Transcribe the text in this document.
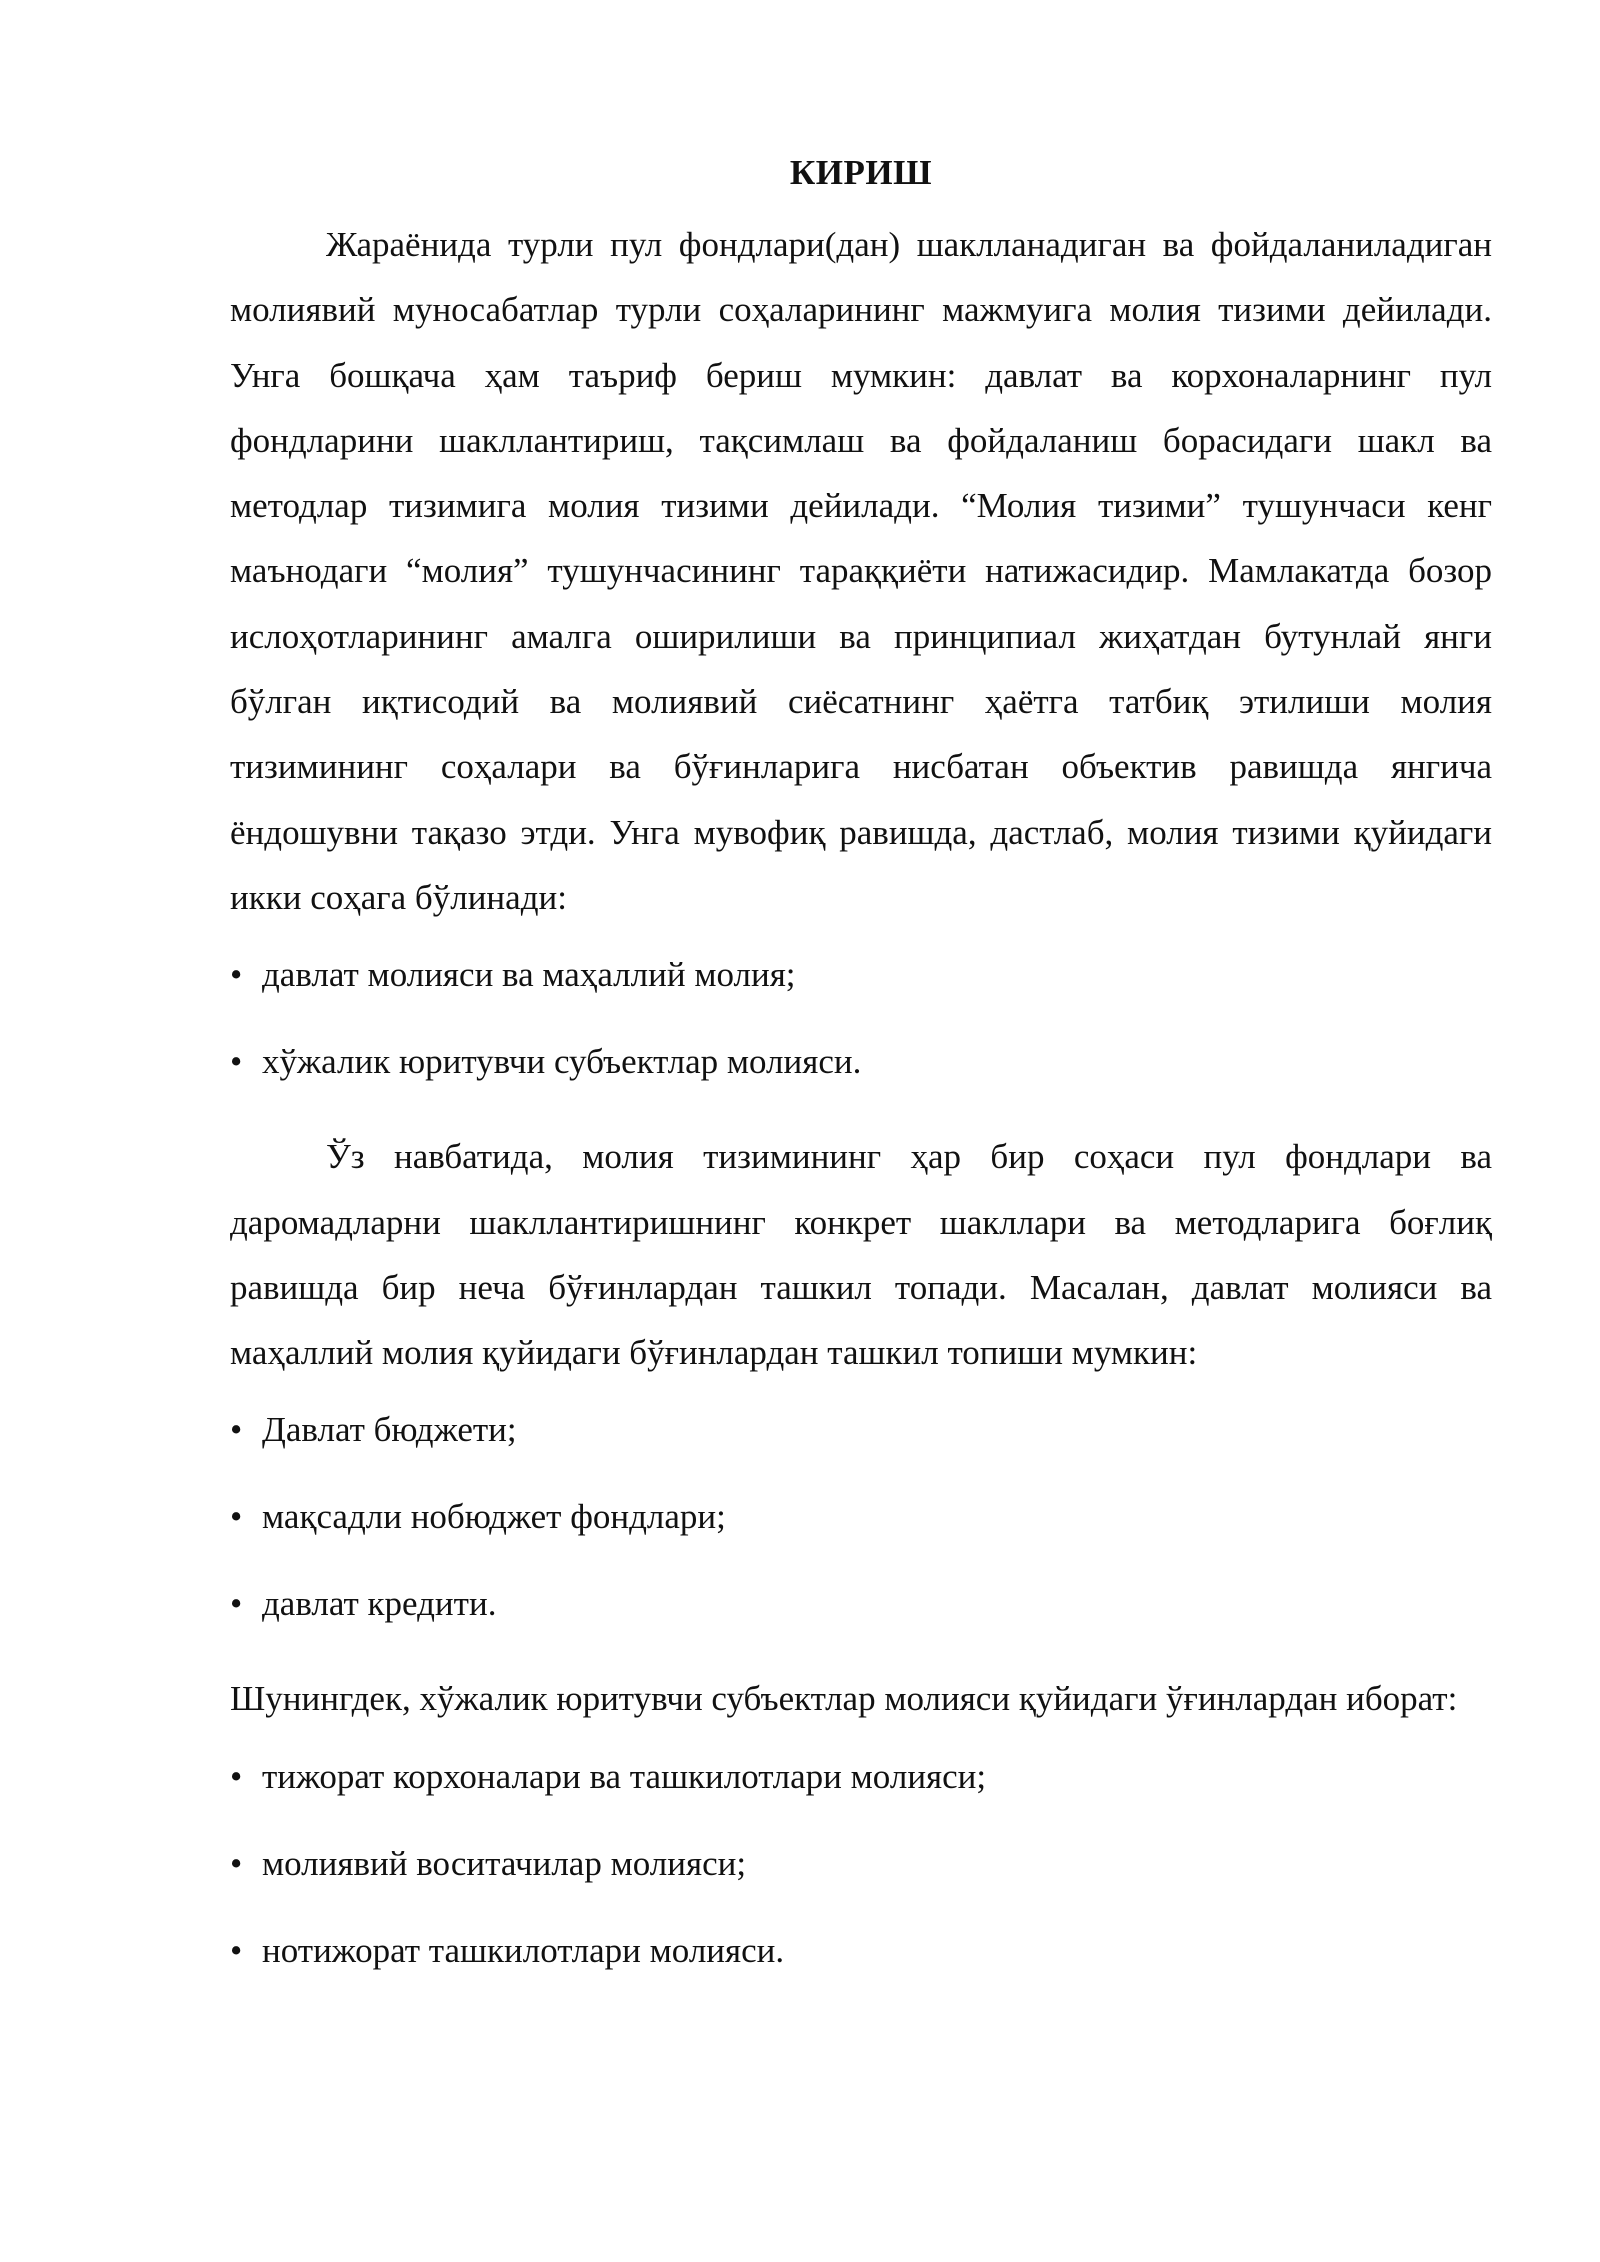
КИРИШ

Жараёнида турли пул фондлари(дан) шаклланадиган ва фойдаланиладиган молиявий муносабатлар турли соҳаларининг мажмуига молия тизими дейилади. Унга бошқача ҳам таъриф бериш мумкин: давлат ва корхоналарнинг пул фондларини шакллантириш, тақсимлаш ва фойдаланиш борасидаги шакл ва методлар тизимига молия тизими дейилади. “Молия тизими” тушунчаси кенг маънодаги “молия” тушунчасининг тараққиёти натижасидир. Мамлакатда бозор ислоҳотларининг амалга оширилиши ва принципиал жиҳатдан бутунлай янги бўлган иқтисодий ва молиявий сиёсатнинг ҳаётга татбиқ этилиши молия тизимининг соҳалари ва бўғинларига нисбатан объектив равишда янгича ёндошувни тақазо этди. Унга мувофиқ равишда, дастлаб, молия тизими қуйидаги икки соҳага бўлинади:

• давлат молияси ва маҳаллий молия;
• хўжалик юритувчи субъектлар молияси.

Ўз навбатида, молия тизимининг ҳар бир соҳаси пул фондлари ва даромадларни шакллантиришнинг конкрет шакллари ва методларига боғлиқ равишда бир неча бўғинлардан ташкил топади. Масалан, давлат молияси ва маҳаллий молия қуйидаги бўғинлардан ташкил топиши мумкин:

• Давлат бюджети;
• мақсадли нобюджет фондлари;
• давлат кредити.

Шунингдек, хўжалик юритувчи субъектлар молияси қуйидаги ўғинлардан иборат:

• тижорат корхоналари ва ташкилотлари молияси;
• молиявий воситачилар молияси;
• нотижорат ташкилотлари молияси.
